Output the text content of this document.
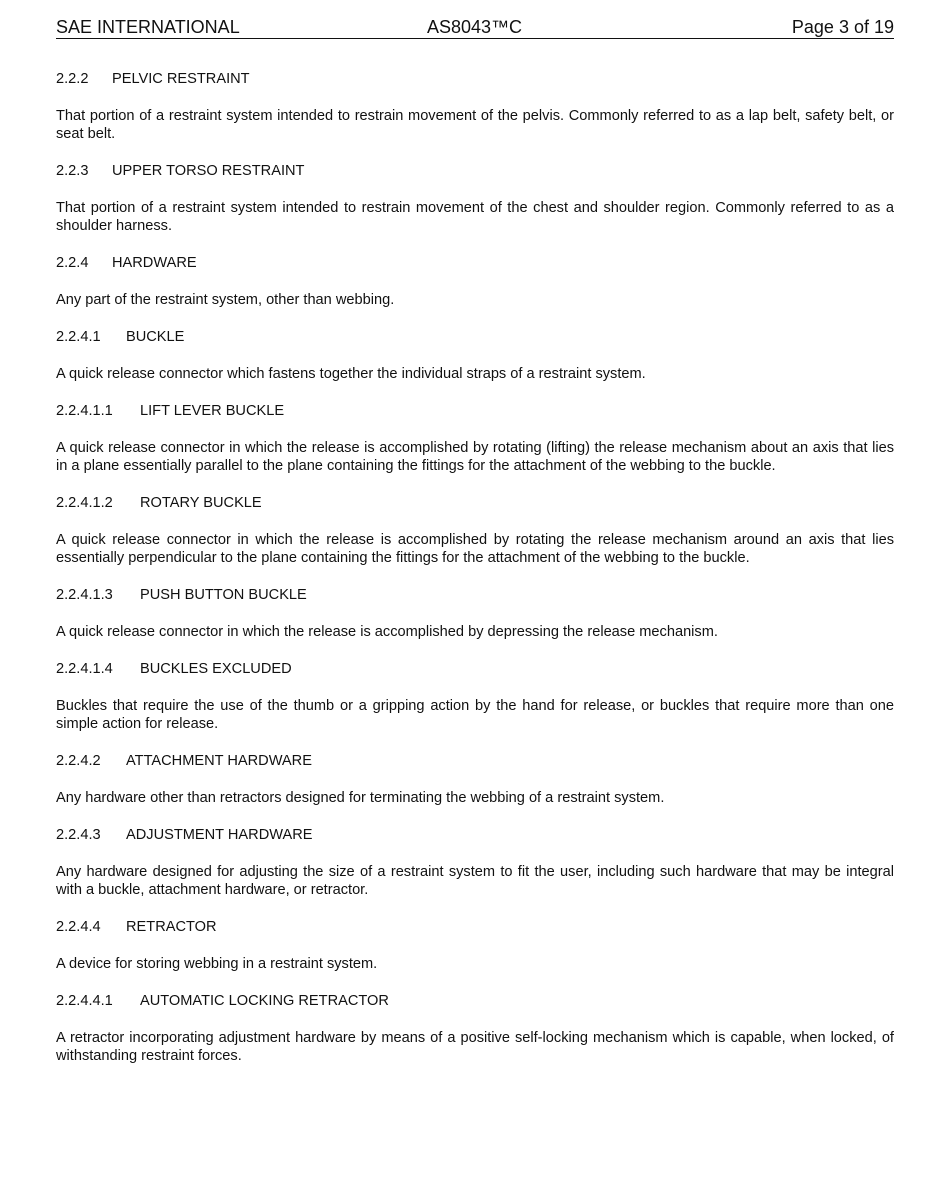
SAE INTERNATIONAL	AS8043™C	Page 3 of 19
2.2.2 PELVIC RESTRAINT
That portion of a restraint system intended to restrain movement of the pelvis. Commonly referred to as a lap belt, safety belt, or seat belt.
2.2.3 UPPER TORSO RESTRAINT
That portion of a restraint system intended to restrain movement of the chest and shoulder region. Commonly referred to as a shoulder harness.
2.2.4 HARDWARE
Any part of the restraint system, other than webbing.
2.2.4.1 BUCKLE
A quick release connector which fastens together the individual straps of a restraint system.
2.2.4.1.1 LIFT LEVER BUCKLE
A quick release connector in which the release is accomplished by rotating (lifting) the release mechanism about an axis that lies in a plane essentially parallel to the plane containing the fittings for the attachment of the webbing to the buckle.
2.2.4.1.2 ROTARY BUCKLE
A quick release connector in which the release is accomplished by rotating the release mechanism around an axis that lies essentially perpendicular to the plane containing the fittings for the attachment of the webbing to the buckle.
2.2.4.1.3 PUSH BUTTON BUCKLE
A quick release connector in which the release is accomplished by depressing the release mechanism.
2.2.4.1.4 BUCKLES EXCLUDED
Buckles that require the use of the thumb or a gripping action by the hand for release, or buckles that require more than one simple action for release.
2.2.4.2 ATTACHMENT HARDWARE
Any hardware other than retractors designed for terminating the webbing of a restraint system.
2.2.4.3 ADJUSTMENT HARDWARE
Any hardware designed for adjusting the size of a restraint system to fit the user, including such hardware that may be integral with a buckle, attachment hardware, or retractor.
2.2.4.4 RETRACTOR
A device for storing webbing in a restraint system.
2.2.4.4.1 AUTOMATIC LOCKING RETRACTOR
A retractor incorporating adjustment hardware by means of a positive self-locking mechanism which is capable, when locked, of withstanding restraint forces.
